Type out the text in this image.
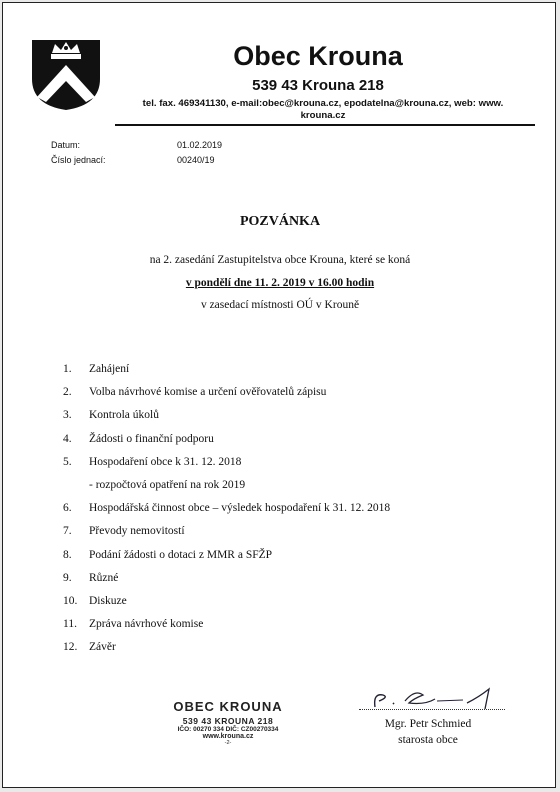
Obec Krouna
539 43 Krouna 218
tel. fax. 469341130, e-mail:obec@krouna.cz, epodatelna@krouna.cz, web: www.
krouna.cz
Datum:	01.02.2019
Číslo jednací:	00240/19
POZVÁNKA
na 2. zasedání Zastupitelstva obce Krouna, které se koná
v pondělí dne 11. 2. 2019 v 16.00 hodin
v zasedací místnosti OÚ v Krouně
1.	Zahájení
2.	Volba návrhové komise a určení ověřovatelů zápisu
3.	Kontrola úkolů
4.	Žádosti o finanční podporu
5.	Hospodaření obce k 31. 12. 2018
- rozpočtová opatření na rok 2019
6.	Hospodářská činnost obce – výsledek hospodaření k 31. 12. 2018
7.	Převody nemovitostí
8.	Podání žádosti o dotaci z MMR a SFŽP
9.	Různé
10.	Diskuze
11.	Zpráva návrhové komise
12.	Závěr
OBEC KROUNA
539 43 KROUNA 218
IČO: 00270 334 DIČ: CZ00270334
www.krouna.cz
-2-
Mgr. Petr Schmied
starosta obce
